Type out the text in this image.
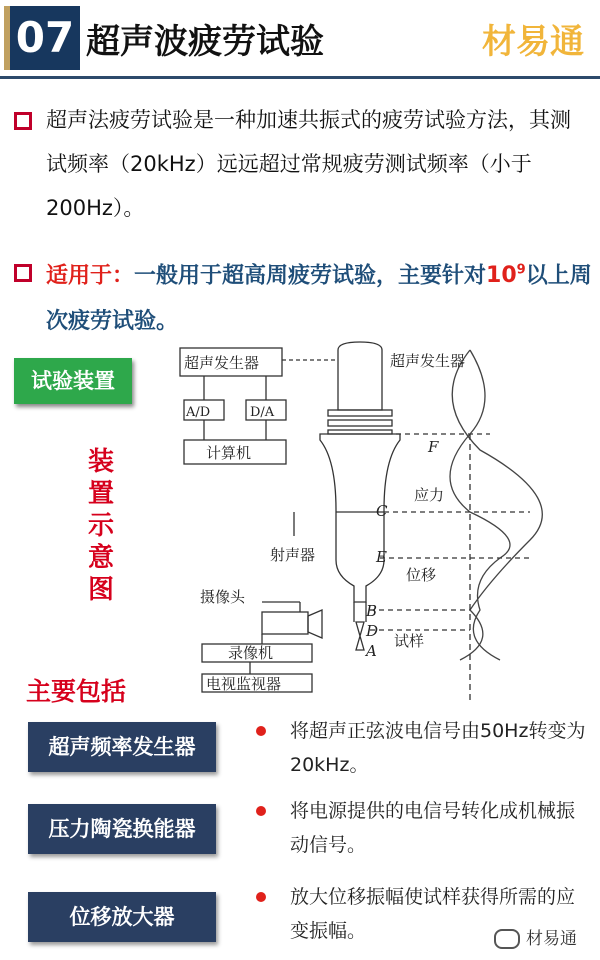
07 超声波疲劳试验	材易通
超声法疲劳试验是一种加速共振式的疲劳试验方法，其测试频率（20kHz）远远超过常规疲劳测试频率（小于200Hz）。
适用于：一般用于超高周疲劳试验，主要针对$10^9$以上周次疲劳试验。
试验装置
装
置
示
意
图
超声发生器
A/D	D/A
计算机
超声发生器
应力
射声器
位移
摄像头
录像机
电视监视器
试样
F
C
E
B
D
A
主要包括
超声频率发生器
将超声正弦波电信号由50Hz转变为20kHz。
压力陶瓷换能器
将电源提供的电信号转化成机械振动信号。
位移放大器
放大位移振幅使试样获得所需的应变振幅。	材易通
